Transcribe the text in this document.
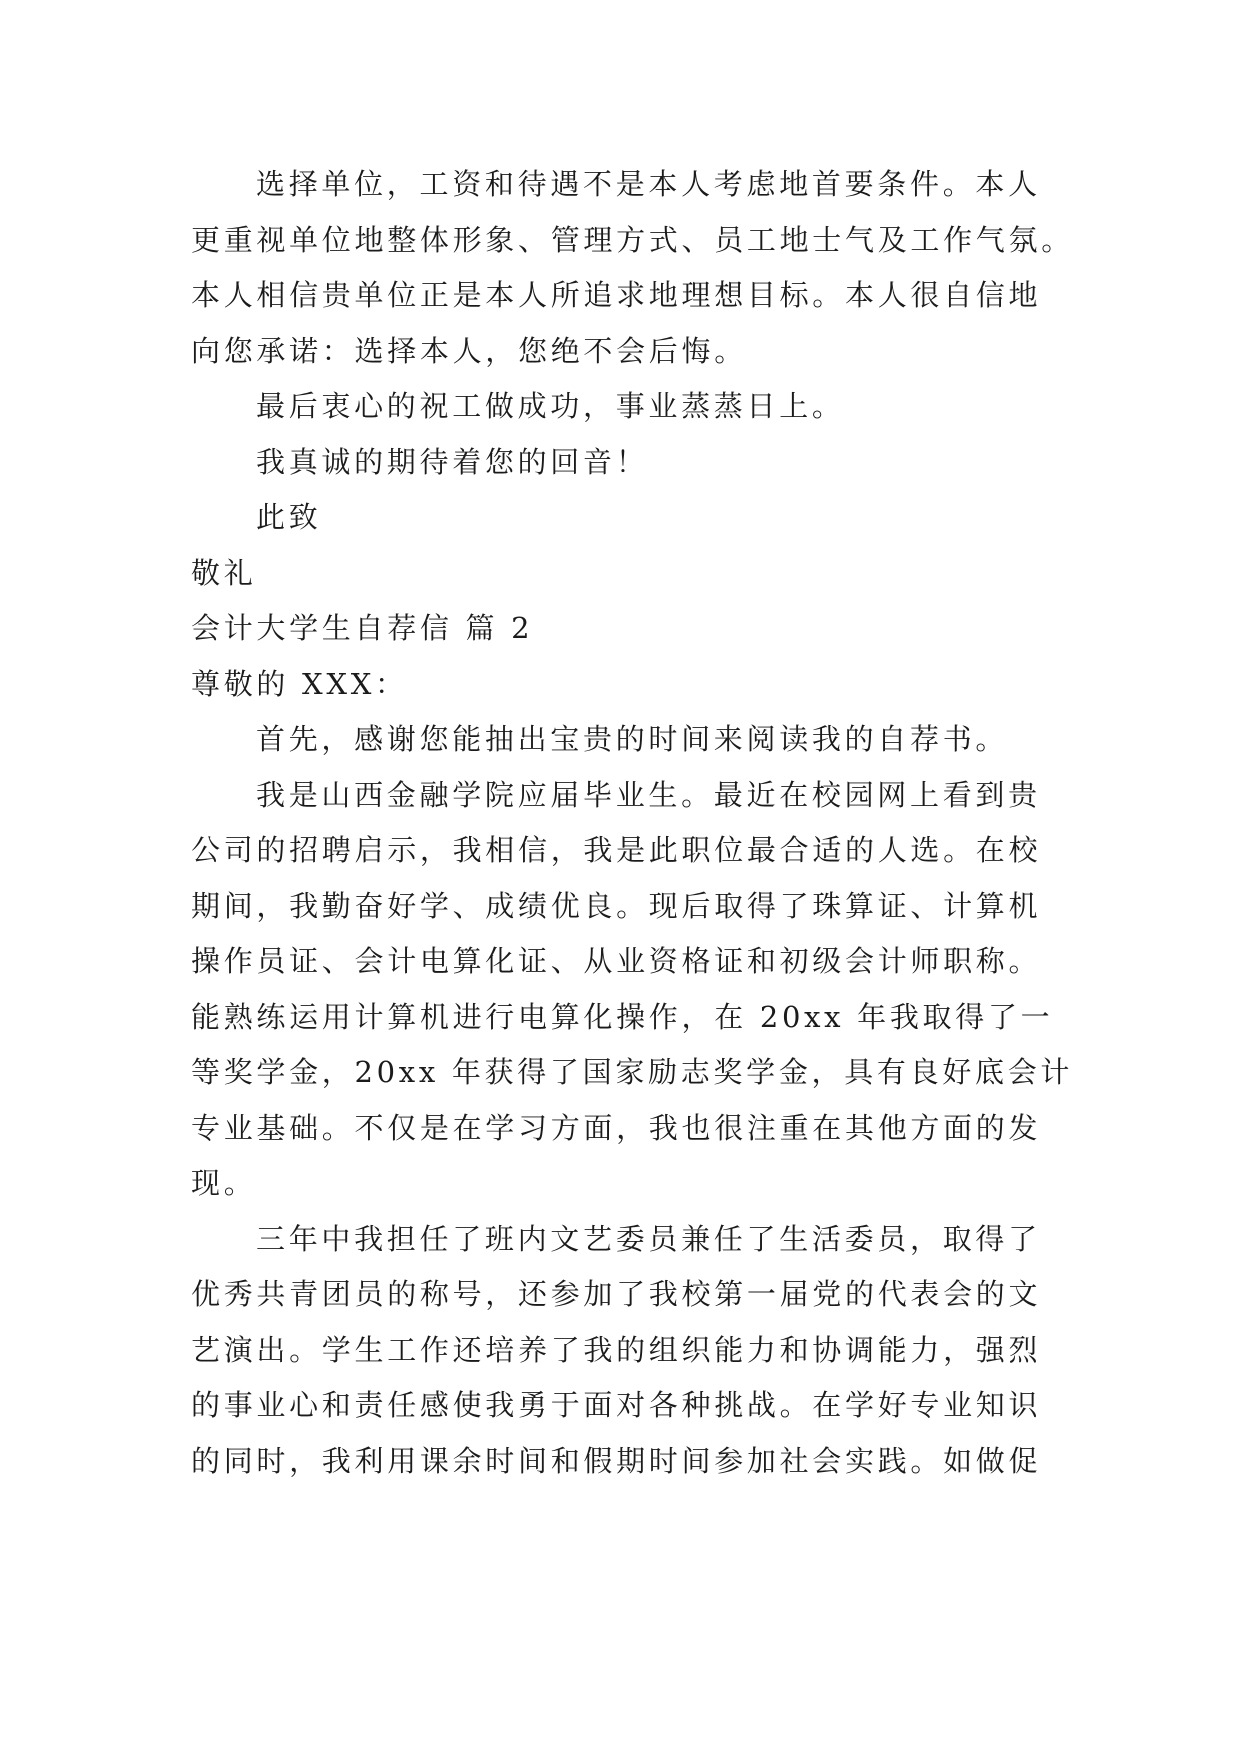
选择单位，工资和待遇不是本人考虑地首要条件。本人
更重视单位地整体形象、管理方式、员工地士气及工作气氛。
本人相信贵单位正是本人所追求地理想目标。本人很自信地
向您承诺：选择本人，您绝不会后悔。
最后衷心的祝工做成功，事业蒸蒸日上。
我真诚的期待着您的回音！
此致
敬礼
会计大学生自荐信 篇 2
尊敬的 XXX：
首先，感谢您能抽出宝贵的时间来阅读我的自荐书。
我是山西金融学院应届毕业生。最近在校园网上看到贵
公司的招聘启示，我相信，我是此职位最合适的人选。在校
期间，我勤奋好学、成绩优良。现后取得了珠算证、计算机
操作员证、会计电算化证、从业资格证和初级会计师职称。
能熟练运用计算机进行电算化操作，在 20xx 年我取得了一
等奖学金，20xx 年获得了国家励志奖学金，具有良好底会计
专业基础。不仅是在学习方面，我也很注重在其他方面的发
现。
三年中我担任了班内文艺委员兼任了生活委员，取得了
优秀共青团员的称号，还参加了我校第一届党的代表会的文
艺演出。学生工作还培养了我的组织能力和协调能力，强烈
的事业心和责任感使我勇于面对各种挑战。在学好专业知识
的同时，我利用课余时间和假期时间参加社会实践。如做促
